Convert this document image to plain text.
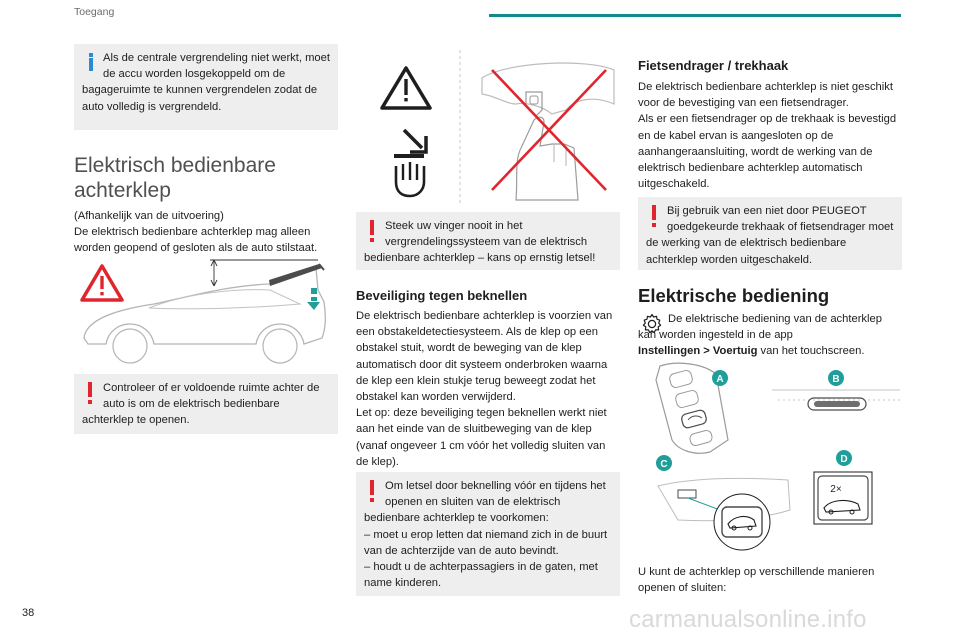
Toegang
38	carmanualsonline.info
Als de centrale vergrendeling niet werkt, moet de accu worden losgekoppeld om de bagageruimte te kunnen vergrendelen zodat de auto volledig is vergrendeld.
Elektrisch bedienbare
achterklep
(Afhankelijk van de uitvoering)
De elektrisch bedienbare achterklep mag alleen worden geopend of gesloten als de auto stilstaat.
Controleer of er voldoende ruimte achter de auto is om de elektrisch bedienbare achterklep te openen.
Steek uw vinger nooit in het vergrendelingssysteem van de elektrisch bedienbare achterklep – kans op ernstig letsel!
Beveiliging tegen beknellen
De elektrisch bedienbare achterklep is voorzien van een obstakeldetectiesysteem. Als de klep op een obstakel stuit, wordt de beweging van de klep automatisch door dit systeem onderbroken waarna de klep een klein stukje terug beweegt zodat het obstakel kan worden verwijderd.
Let op: deze beveiliging tegen beknellen werkt niet aan het einde van de sluitbeweging van de klep (vanaf ongeveer 1 cm vóór het volledig sluiten van de klep).
Om letsel door beknelling vóór en tijdens het openen en sluiten van de elektrisch bedienbare achterklep te voorkomen:
– moet u erop letten dat niemand zich in de buurt van de achterzijde van de auto bevindt.
– houdt u de achterpassagiers in de gaten, met name kinderen.
Fietsendrager / trekhaak
De elektrisch bedienbare achterklep is niet geschikt voor de bevestiging van een fietsendrager.
Als er een fietsendrager op de trekhaak is bevestigd en de kabel ervan is aangesloten op de aanhangeraansluiting, wordt de werking van de elektrisch bedienbare achterklep automatisch uitgeschakeld.
Bij gebruik van een niet door PEUGEOT goedgekeurde trekhaak of fietsendrager moet de werking van de elektrisch bedienbare achterklep worden uitgeschakeld.
Elektrische bediening
De elektrische bediening van de achterklep kan worden ingesteld in de app
Instellingen > Voertuig van het touchscreen.
A	B
C
2×
D
U kunt de achterklep op verschillende manieren openen of sluiten:
